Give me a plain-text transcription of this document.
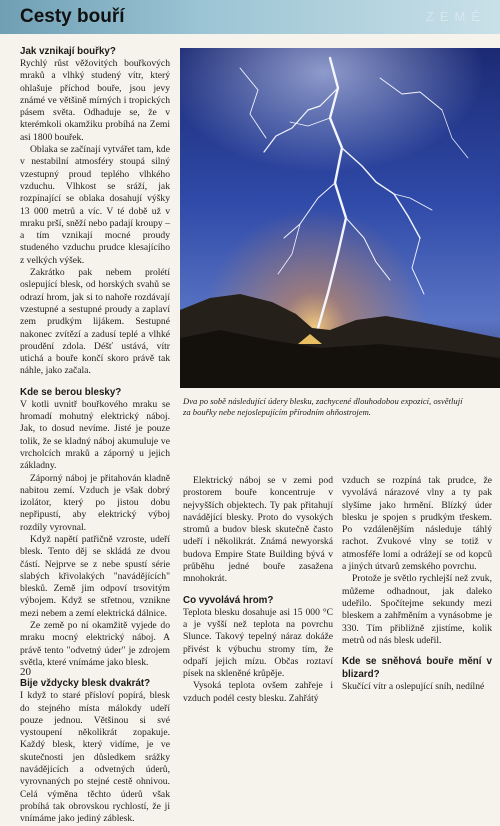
Cesty bouří	ZEMĚ
Jak vznikají bouřky?

Rychlý růst věžovitých bouřkových mraků a vlhký studený vítr, který ohlašuje příchod bouře, jsou jevy známé ve většině mírných i tropických pásem světa. Odhaduje se, že v kterémkoli okamžiku probíhá na Zemi asi 1800 bouřek.

Oblaka se začínají vytvářet tam, kde v nestabilní atmosféry stoupá silný vzestupný proud teplého vlhkého vzduchu. Vlhkost se sráží, jak rozpínající se oblaka dosahují výšky 13 000 metrů a víc. V té době už v mraku prší, sněží nebo padají kroupy – a tím vznikají mocné proudy studeného vzduchu prudce klesajícího z velkých výšek.

Zakrátko pak nebem prolétí oslepující blesk, od horských svahů se odrazí hrom, jak si to nahoře rozdávají vzestupné a sestupné proudy a zaplaví zem prudkým lijákem. Sestupné nakonec zvítězí a zadusí teplé a vlhké proudění zdola. Déšť ustává, vítr utichá a bouře končí skoro právě tak náhle, jako začala.

Kde se berou blesky?

V kotli uvnitř bouřkového mraku se hromadí mohutný elektrický náboj. Jak, to dosud nevíme. Jisté je pouze tolik, že se kladný náboj akumuluje ve vrcholcích mraků a záporný u jejich základny.

Záporný náboj je přitahován kladně nabitou zemí. Vzduch je však dobrý izolátor, který po jistou dobu nepřipustí, aby elektrický výboj rozdíly vyrovnal.

Když napětí patřičně vzroste, udeří blesk. Tento děj se skládá ze dvou částí. Nejprve se z nebe spustí série slabých křivolakých "navádějících" blesků. Země jim odpoví trsovitým výbojem. Když se střetnou, vznikne mezi nebem a zemí elektrická dálnice.

Ze země po ní okamžitě vyjede do mraku mocný elektrický náboj. A právě tento "odvetný úder" je zdrojem světla, které vnímáme jako blesk.

Bije vždycky blesk dvakrát?

I když to staré přísloví popírá, blesk do stejného místa málokdy udeří pouze jednou. Většinou si své vystoupení několikrát zopakuje. Každý blesk, který vidíme, je ve skutečnosti jen důsledkem srážky navádějících a odvetných úderů, vyrovnaných po stejné cestě ohnivou. Celá výměna těchto úderů však probíhá tak obrovskou rychlostí, že ji vnímáme jako jediný záblesk.

Dva po sobě následující údery blesku, zachycené dlouhodobou expozicí, osvětlují za bouřky nebe nejoslepujícím přírodním ohňostrojem.

Elektrický náboj se v zemi pod prostorem bouře koncentruje v nejvyšších objektech. Ty pak přitahují navádějící blesky. Proto do vysokých stromů a budov blesk skutečně často udeří i několikrát. Známá newyorská budova Empire State Building bývá v průběhu jedné bouře zasažena mnohokrát.

Co vyvolává hrom?

Teplota blesku dosahuje asi 15 000 °C a je vyšší než teplota na povrchu Slunce. Takový tepelný náraz dokáže přivést k výbuchu stromy tím, že odpaří jejich mízu. Občas roztaví písek na skleněné krůpěje.

Vysoká teplota ovšem zahřeje i vzduch podél cesty blesku. Zahřátý

vzduch se rozpíná tak prudce, že vyvolává nárazové vlny a ty pak slyšíme jako hrmění. Blízký úder blesku je spojen s prudkým třeskem. Po vzdálenějším následuje táhlý rachot. Zvukové vlny se totiž v atmosféře lomí a odrážejí se od kopců a jiných útvarů zemského povrchu.

Protože je světlo rychlejší než zvuk, můžeme odhadnout, jak daleko udeřilo. Spočítejme sekundy mezi bleskem a zahřměním a vynásobme je 330. Tím přibližně zjistíme, kolik metrů od nás blesk udeřil.

Kde se sněhová bouře mění v blizard?

Skučící vítr a oslepující sníh, nedílné

20
